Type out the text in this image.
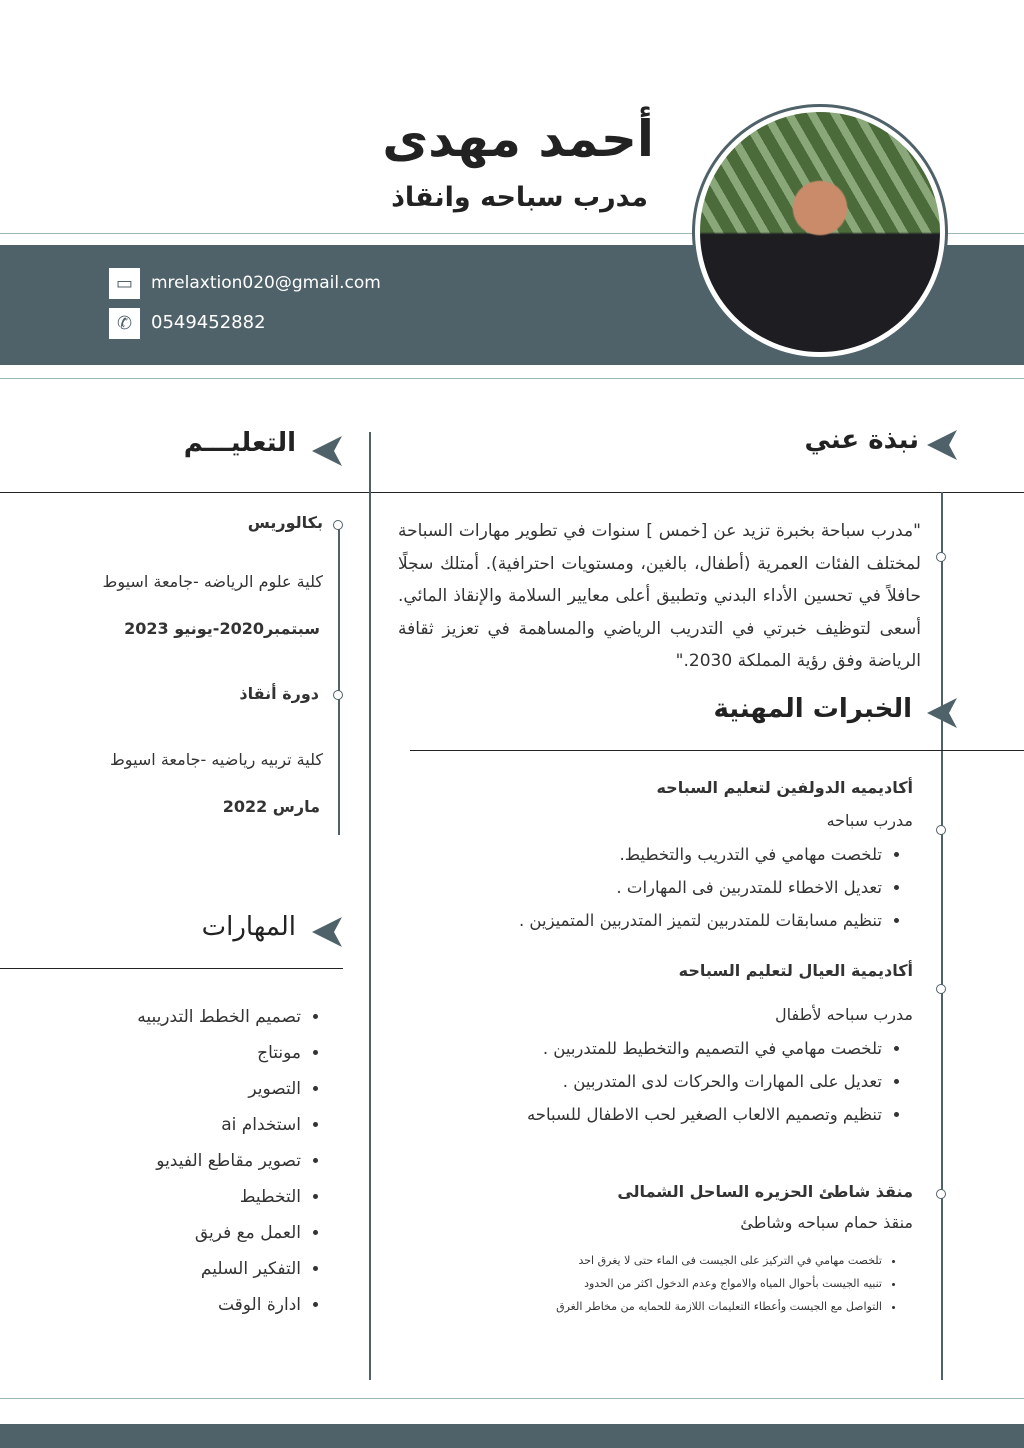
أحمد مهدى
مدرب سباحه وانقاذ
▭	mrelaxtion020@gmail.com
✆	0549452882
التعليـــم	نبذة عني
"مدرب سباحة بخبرة تزيد عن [خمس ] سنوات في تطوير مهارات السباحة لمختلف الفئات العمرية (أطفال، بالغين، ومستويات احترافية). أمتلك سجلًا حافلاً في تحسين الأداء البدني وتطبيق أعلى معايير السلامة والإنقاذ المائي. أسعى لتوظيف خبرتي في التدريب الرياضي والمساهمة في تعزيز ثقافة الرياضة وفق رؤية المملكة 2030."
الخبرات المهنية
أكاديميه الدولفين لتعليم السباحه
مدرب سباحه
• تلخصت مهامي في التدريب والتخطيط.
• تعديل الاخطاء للمتدربين فى المهارات .
• تنظيم مسابقات للمتدربين لتميز المتدربين المتميزين .
أكاديمية العيال لتعليم السباحه
مدرب سباحه لأطفال
• تلخصت مهامي في التصميم والتخطيط للمتدربين .
• تعديل على المهارات والحركات لدى المتدربين .
• تنظيم وتصميم الالعاب الصغير لحب الاطفال للسباحه
منقذ شاطئ الحزيره الساحل الشمالى
منقذ حمام سباحه وشاطئ
• تلخصت مهامي في التركيز على الجيست فى الماء حتى لا يغرق احد
• تنبيه الجيست بأحوال المياه والامواج وعدم الدخول اكثر من الحدود
• التواصل مع الجيست وأعطاء التعليمات اللازمة للحمايه من مخاطر الغرق
بكالوريس
كلية علوم الرياضه -جامعة اسيوط
سبتمبر2020-يونيو 2023
دورة أنقاذ
كلية تربيه رياضيه -جامعة اسيوط
مارس 2022
المهارات
• تصميم الخطط التدريبيه
• مونتاج
• التصوير
• استخدام ai
• تصوير مقاطع الفيديو
• التخطيط
• العمل مع فريق
• التفكير السليم
• ادارة الوقت
